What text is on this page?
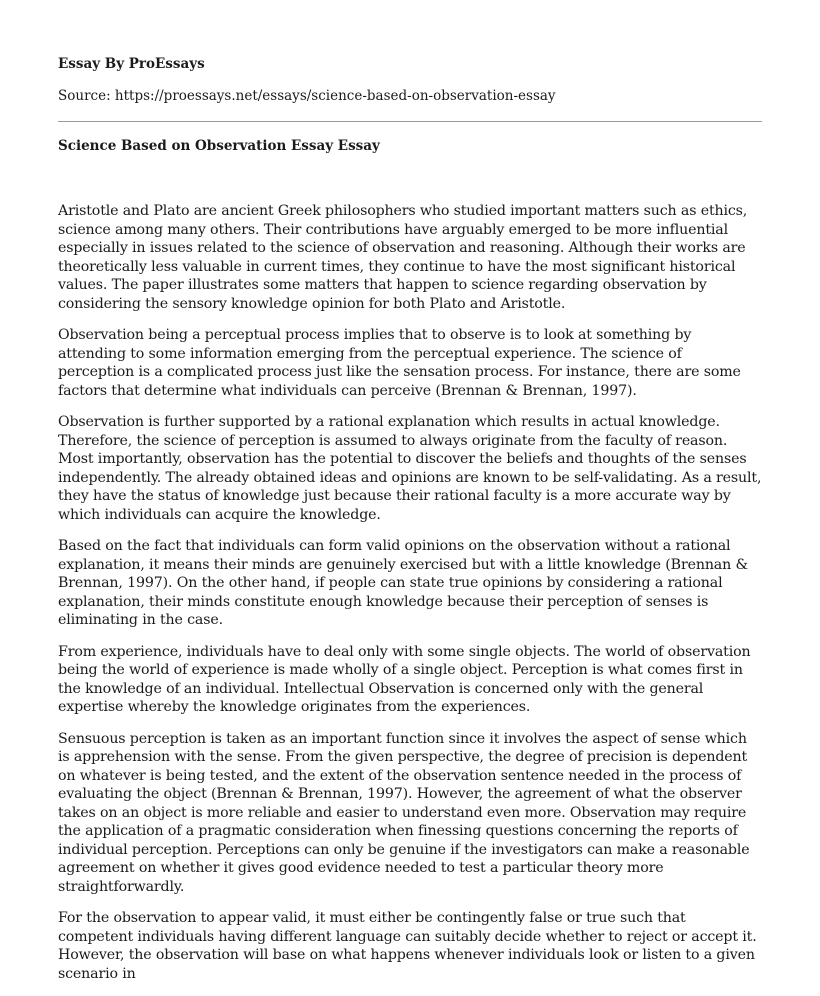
Essay By ProEssays

Source: https://proessays.net/essays/science-based-on-observation-essay

Science Based on Observation Essay Essay

Aristotle and Plato are ancient Greek philosophers who studied important matters such as ethics, science among many others. Their contributions have arguably emerged to be more influential especially in issues related to the science of observation and reasoning. Although their works are theoretically less valuable in current times, they continue to have the most significant historical values. The paper illustrates some matters that happen to science regarding observation by considering the sensory knowledge opinion for both Plato and Aristotle.

Observation being a perceptual process implies that to observe is to look at something by attending to some information emerging from the perceptual experience. The science of perception is a complicated process just like the sensation process. For instance, there are some factors that determine what individuals can perceive (Brennan & Brennan, 1997).

Observation is further supported by a rational explanation which results in actual knowledge. Therefore, the science of perception is assumed to always originate from the faculty of reason. Most importantly, observation has the potential to discover the beliefs and thoughts of the senses independently. The already obtained ideas and opinions are known to be self-validating. As a result, they have the status of knowledge just because their rational faculty is a more accurate way by which individuals can acquire the knowledge.

Based on the fact that individuals can form valid opinions on the observation without a rational explanation, it means their minds are genuinely exercised but with a little knowledge (Brennan & Brennan, 1997). On the other hand, if people can state true opinions by considering a rational explanation, their minds constitute enough knowledge because their perception of senses is eliminating in the case.

From experience, individuals have to deal only with some single objects. The world of observation being the world of experience is made wholly of a single object. Perception is what comes first in the knowledge of an individual. Intellectual Observation is concerned only with the general expertise whereby the knowledge originates from the experiences.

Sensuous perception is taken as an important function since it involves the aspect of sense which is apprehension with the sense. From the given perspective, the degree of precision is dependent on whatever is being tested, and the extent of the observation sentence needed in the process of evaluating the object (Brennan & Brennan, 1997). However, the agreement of what the observer takes on an object is more reliable and easier to understand even more. Observation may require the application of a pragmatic consideration when finessing questions concerning the reports of individual perception. Perceptions can only be genuine if the investigators can make a reasonable agreement on whether it gives good evidence needed to test a particular theory more straightforwardly.

For the observation to appear valid, it must either be contingently false or true such that competent individuals having different language can suitably decide whether to reject or accept it. However, the observation will base on what happens whenever individuals look or listen to a given scenario in
